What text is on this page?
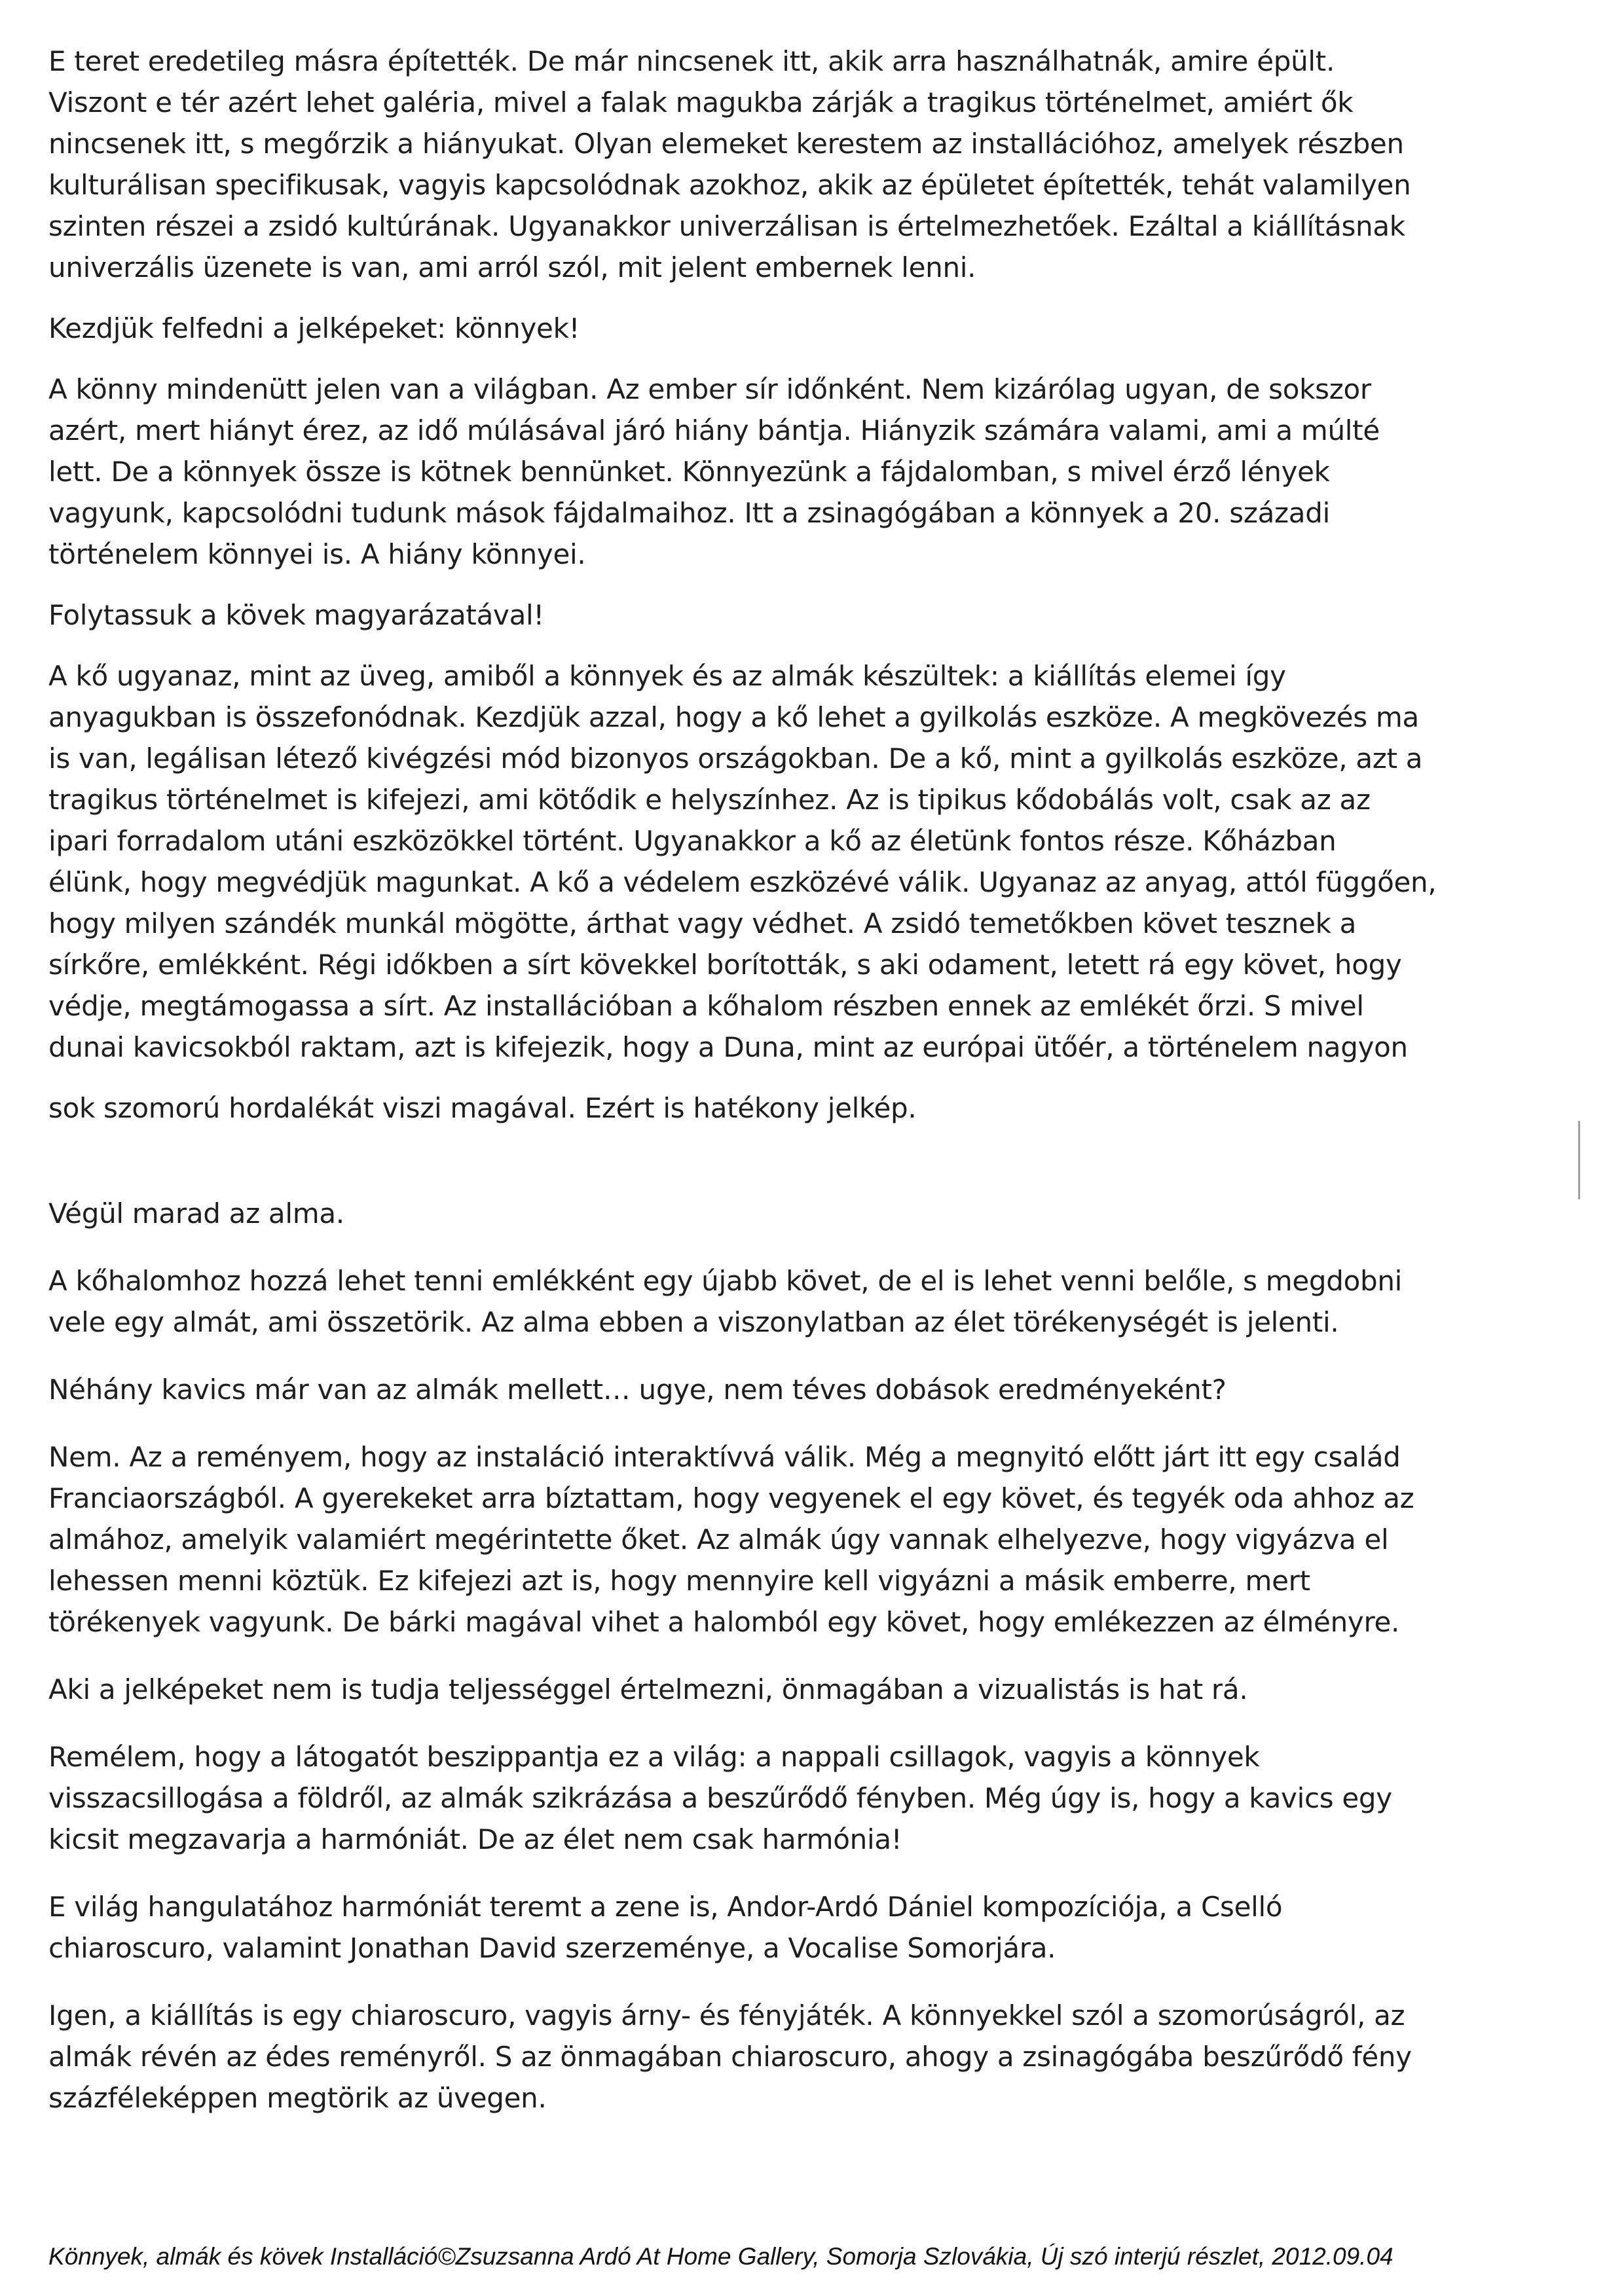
E teret eredetileg másra építették. De már nincsenek itt, akik arra használhatnák, amire épült.
Viszont e tér azért lehet galéria, mivel a falak magukba zárják a tragikus történelmet, amiért ők
nincsenek itt, s megőrzik a hiányukat. Olyan elemeket kerestem az installációhoz, amelyek részben
kulturálisan specifikusak, vagyis kapcsolódnak azokhoz, akik az épületet építették, tehát valamilyen
szinten részei a zsidó kultúrának. Ugyanakkor univerzálisan is értelmezhetőek. Ezáltal a kiállításnak
univerzális üzenete is van, ami arról szól, mit jelent embernek lenni.

Kezdjük felfedni a jelképeket: könnyek!

A könny mindenütt jelen van a világban. Az ember sír időnként. Nem kizárólag ugyan, de sokszor
azért, mert hiányt érez, az idő múlásával járó hiány bántja. Hiányzik számára valami, ami a múlté
lett. De a könnyek össze is kötnek bennünket. Könnyezünk a fájdalomban, s mivel érző lények
vagyunk, kapcsolódni tudunk mások fájdalmaihoz. Itt a zsinagógában a könnyek a 20. századi
történelem könnyei is. A hiány könnyei.

Folytassuk a kövek magyarázatával!

A kő ugyanaz, mint az üveg, amiből a könnyek és az almák készültek: a kiállítás elemei így
anyagukban is összefonódnak. Kezdjük azzal, hogy a kő lehet a gyilkolás eszköze. A megkövezés ma
is van, legálisan létező kivégzési mód bizonyos országokban. De a kő, mint a gyilkolás eszköze, azt a
tragikus történelmet is kifejezi, ami kötődik e helyszínhez. Az is tipikus kődobálás volt, csak az az
ipari forradalom utáni eszközökkel történt. Ugyanakkor a kő az életünk fontos része. Kőházban
élünk, hogy megvédjük magunkat. A kő a védelem eszközévé válik. Ugyanaz az anyag, attól függően,
hogy milyen szándék munkál mögötte, árthat vagy védhet. A zsidó temetőkben követ tesznek a
sírkőre, emlékként. Régi időkben a sírt kövekkel borították, s aki odament, letett rá egy követ, hogy
védje, megtámogassa a sírt. Az installációban a kőhalom részben ennek az emlékét őrzi. S mivel
dunai kavicsokból raktam, azt is kifejezik, hogy a Duna, mint az európai ütőér, a történelem nagyon

sok szomorú hordalékát viszi magával. Ezért is hatékony jelkép.

Végül marad az alma.

A kőhalomhoz hozzá lehet tenni emlékként egy újabb követ, de el is lehet venni belőle, s megdobni
vele egy almát, ami összetörik. Az alma ebben a viszonylatban az élet törékenységét is jelenti.

Néhány kavics már van az almák mellett… ugye, nem téves dobások eredményeként?

Nem. Az a reményem, hogy az instaláció interaktívvá válik. Még a megnyitó előtt járt itt egy család
Franciaországból. A gyerekeket arra bíztattam, hogy vegyenek el egy követ, és tegyék oda ahhoz az
almához, amelyik valamiért megérintette őket. Az almák úgy vannak elhelyezve, hogy vigyázva el
lehessen menni köztük. Ez kifejezi azt is, hogy mennyire kell vigyázni a másik emberre, mert
törékenyek vagyunk. De bárki magával vihet a halomból egy követ, hogy emlékezzen az élményre.

Aki a jelképeket nem is tudja teljességgel értelmezni, önmagában a vizualistás is hat rá.

Remélem, hogy a látogatót beszippantja ez a világ: a nappali csillagok, vagyis a könnyek
visszacsillogása a földről, az almák szikrázása a beszűrődő fényben. Még úgy is, hogy a kavics egy
kicsit megzavarja a harmóniát. De az élet nem csak harmónia!

E világ hangulatához harmóniát teremt a zene is, Andor-Ardó Dániel kompozíciója, a Cselló
chiaroscuro, valamint Jonathan David szerzeménye, a Vocalise Somorjára.

Igen, a kiállítás is egy chiaroscuro, vagyis árny- és fényjáték. A könnyekkel szól a szomorúságról, az
almák révén az édes reményről. S az önmagában chiaroscuro, ahogy a zsinagógába beszűrődő fény
százféleképpen megtörik az üvegen.

Könnyek, almák és kövek Installáció©Zsuzsanna Ardó At Home Gallery, Somorja Szlovákia, Új szó interjú részlet, 2012.09.04
